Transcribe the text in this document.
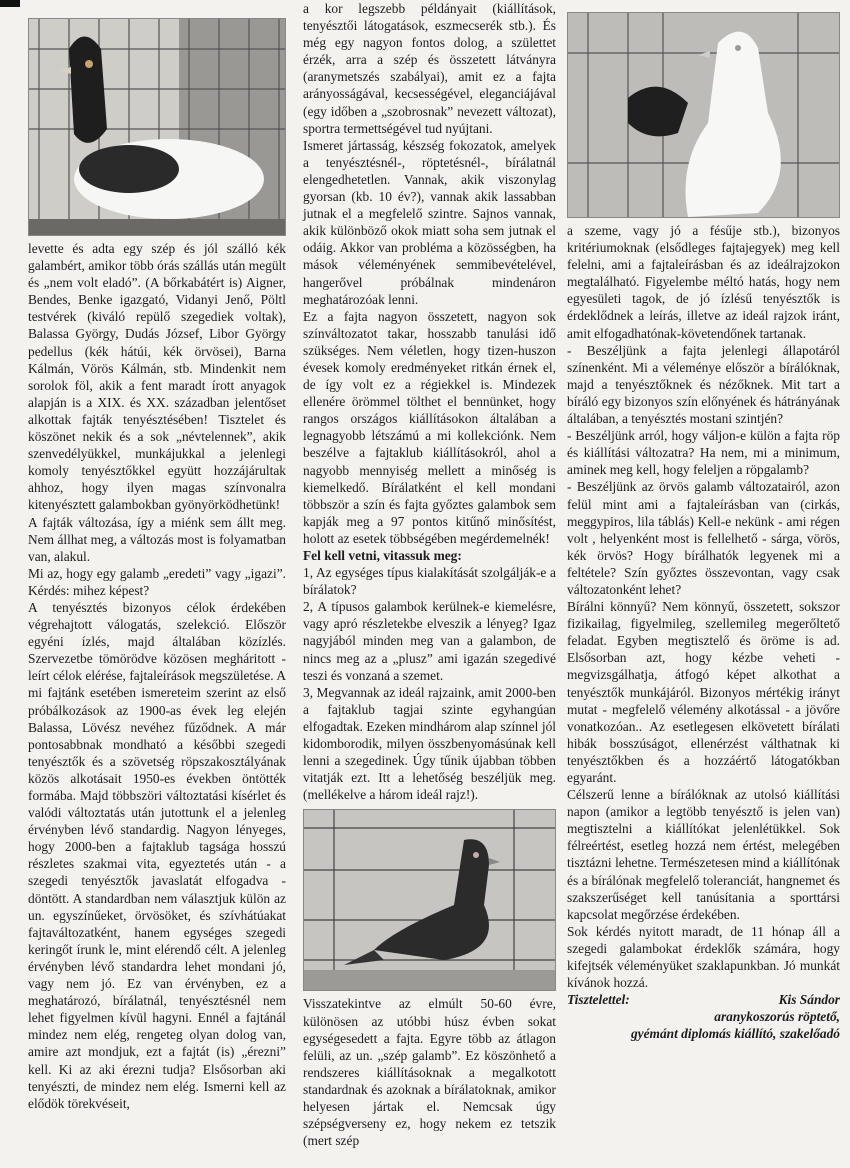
levette és adta egy szép és jól szálló kék galambért, amikor több órás szállás után megült és „nem volt eladó”. (A bőrkabátért is) Aigner, Bendes, Benke igazgató, Vidanyi Jenő, Pöltl testvérek (kiváló repülő szegediek voltak), Balassa György, Dudás József, Libor György pedellus (kék hátúi, kék örvösei), Barna Kálmán, Vörös Kálmán, stb. Mindenkit nem sorolok föl, akik a fent maradt írott anyagok alapján is a XIX. és XX. században jelentőset alkottak fajták tenyésztésében! Tisztelet és köszönet nekik és a sok „névtelennek”, akik szenvedélyükkel, munkájukkal a jelenlegi komoly tenyésztőkkel együtt hozzájárultak ahhoz, hogy ilyen magas színvonalra kitenyésztett galambokban gyönyörködhetünk!

A fajták változása, így a miénk sem állt meg. Nem állhat meg, a változás most is folyamatban van, alakul.

Mi az, hogy egy galamb „eredeti” vagy „igazi”. Kérdés: mihez képest?

A tenyésztés bizonyos célok érdekében végrehajtott válogatás, szelekció. Először egyéni ízlés, majd általában közízlés. Szervezetbe tömörödve közösen megháritott - leírt célok elérése, fajtaleírások megszületése. A mi fajtánk esetében ismereteim szerint az első próbálkozások az 1900-as évek leg elején Balassa, Lövész nevéhez fűződnek. A már pontosabbnak mondható a későbbi szegedi tenyésztők és a szövetség röpszakosztályának közös alkotásait 1950-es években öntötték formába. Majd többszöri változtatási kísérlet és valódi változtatás után jutottunk el a jelenleg érvényben lévő standardig. Nagyon lényeges, hogy 2000-ben a fajtaklub tagsága hosszú részletes szakmai vita, egyeztetés után - a szegedi tenyésztők javaslatát elfogadva - döntött. A standardban nem választjuk külön az un. egyszínűeket, örvösöket, és szívhátúakat fajtaváltozatként, hanem egységes szegedi keringőt írunk le, mint elérendő célt. A jelenleg érvényben lévő standardra lehet mondani jó, vagy nem jó. Ez van érvényben, ez a meghatározó, bírálatnál, tenyésztésnél nem lehet figyelmen kívül hagyni. Ennél a fajtánál mindez nem elég, rengeteg olyan dolog van, amire azt mondjuk, ezt a fajtát (is) „érezni” kell. Ki az aki érezni tudja? Elsősorban aki tenyészti, de mindez nem elég. Ismerni kell az elődök törekvéseit,

a kor legszebb példányait (kiállítások, tenyésztői látogatások, eszmecserék stb.). És még egy nagyon fontos dolog, a születtet érzék, arra a szép és összetett látványra (aranymetszés szabályai), amit ez a fajta arányosságával, kecsességével, eleganciájával (egy időben a „szobrosnak” nevezett változat), sportra termettségével tud nyújtani.

Ismeret jártasság, készség fokozatok, amelyek a tenyésztésnél-, röptetésnél-, bírálatnál elengedhetetlen. Vannak, akik viszonylag gyorsan (kb. 10 év?), vannak akik lassabban jutnak el a megfelelő szintre. Sajnos vannak, akik különböző okok miatt soha sem jutnak el odáig. Akkor van probléma a közösségben, ha mások véleményének semmibevételével, hangerővel próbálnak mindenáron meghatározóak lenni.

Ez a fajta nagyon összetett, nagyon sok színváltozatot takar, hosszabb tanulási idő szükséges. Nem véletlen, hogy tizen-huszon évesek komoly eredményeket ritkán érnek el, de így volt ez a régiekkel is. Mindezek ellenére örömmel tölthet el bennünket, hogy rangos országos kiállításokon általában a legnagyobb létszámú a mi kollekciónk. Nem beszélve a fajtaklub kiállításokról, ahol a nagyobb mennyiség mellett a minőség is kiemelkedő. Bírálatként el kell mondani többször a szín és fajta győztes galambok sem kapják meg a 97 pontos kitűnő minősítést, holott az esetek többségében megérdemelnék!

Fel kell vetni, vitassuk meg:

1, Az egységes típus kialakítását szolgálják-e a bírálatok?

2, A típusos galambok kerülnek-e kiemelésre, vagy apró részletekbe elveszik a lényeg? Igaz nagyjából minden meg van a galambon, de nincs meg az a „plusz” ami igazán szegedivé teszi és vonzaná a szemet.

3, Megvannak az ideál rajzaink, amit 2000-ben a fajtaklub tagjai szinte egyhangúan elfogadtak. Ezeken mindhárom alap színnel jól kidomborodik, milyen összbenyomásúnak kell lenni a szegedinek. Úgy tűnik újabban többen vitatják ezt. Itt a lehetőség beszéljük meg. (mellékelve a három ideál rajz!).

Visszatekintve az elmúlt 50-60 évre, különösen az utóbbi húsz évben sokat egységesedett a fajta. Egyre több az átlagon felüli, az un. „szép galamb”. Ez köszönhető a rendszeres kiállításoknak a megalkotott standardnak és azoknak a bírálatoknak, amikor helyesen jártak el. Nemcsak úgy szépségverseny ez, hogy nekem ez tetszik (mert szép

a szeme, vagy jó a fésűje stb.), bizonyos kritériumoknak (elsődleges fajtajegyek) meg kell felelni, ami a fajtaleírásban és az ideálrajzokon megtalálható. Figyelembe méltó hatás, hogy nem egyesületi tagok, de jó ízlésű tenyésztők is érdeklődnek a leírás, illetve az ideál rajzok iránt, amit elfogadhatónak-követendőnek tartanak.

- Beszéljünk a fajta jelenlegi állapotáról színenként. Mi a véleménye először a bírálóknak, majd a tenyésztőknek és nézőknek. Mit tart a bíráló egy bizonyos szín előnyének és hátrányának általában, a tenyésztés mostani szintjén?

- Beszéljünk arról, hogy váljon-e külön a fajta röp és kiállítási változatra? Ha nem, mi a minimum, aminek meg kell, hogy feleljen a röpgalamb?

- Beszéljünk az örvös galamb változatairól, azon felül mint ami a fajtaleírásban van (cirkás, meggypiros, lila táblás) Kell-e nekünk - ami régen volt , helyenként most is fellelhető - sárga, vörös, kék örvös? Hogy bírálhatók legyenek mi a feltétele? Szín győztes összevontan, vagy csak változatonként lehet?

Bírálni könnyű? Nem könnyű, összetett, sokszor fizikailag, figyelmileg, szellemileg megerőltető feladat. Egyben megtisztelő és öröme is ad. Elsősorban azt, hogy kézbe veheti - megvizsgálhatja, átfogó képet alkothat a tenyésztők munkájáról. Bizonyos mértékig irányt mutat - megfelelő vélemény alkotással - a jövőre vonatkozóan.. Az esetlegesen elkövetett bírálati hibák bosszúságot, ellenérzést válthatnak ki tenyésztőkben és a hozzáértő látogatókban egyaránt.

Célszerű lenne a bírálóknak az utolsó kiállítási napon (amikor a legtöbb tenyésztő is jelen van) megtisztelni a kiállítókat jelenlétükkel. Sok félreértést, esetleg hozzá nem értést, melegében tisztázni lehetne. Természetesen mind a kiállítónak és a bírálónak megfelelő toleranciát, hangnemet és szakszerűséget kell tanúsítania a sporttársi kapcsolat megőrzése érdekében.

Sok kérdés nyitott maradt, de 11 hónap áll a szegedi galambokat érdeklők számára, hogy kifejtsék véleményüket szaklapunkban. Jó munkát kívánok hozzá.

Tisztelettel:	Kis Sándor
aranykoszorús röptető,
gyémánt diplomás kiállító, szakelőadó
